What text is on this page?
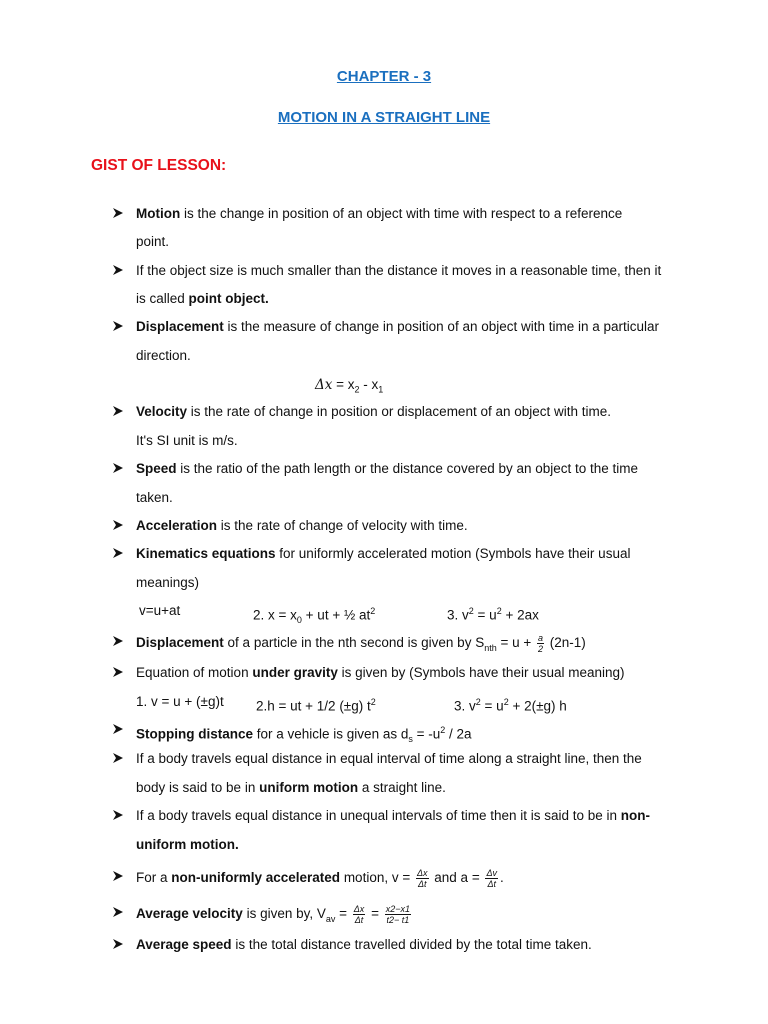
CHAPTER - 3
MOTION IN A STRAIGHT LINE
GIST OF LESSON:
Motion is the change in position of an object with time with respect to a reference
point.
If the object size is much smaller than the distance it moves in a reasonable time, then it
is called point object.
Displacement is the measure of change in position of an object with time in a particular
direction.
$\Delta x = x_2 - x_1$
Velocity is the rate of change in position or displacement of an object with time.
It's SI unit is m/s.
Speed is the ratio of the path length or the distance covered by an object to the time
taken.
Acceleration is the rate of change of velocity with time.
Kinematics equations for uniformly accelerated motion (Symbols have their usual
meanings)
v=u+at	2. $x = x_0$ + ut + ½ $at^2$	3. $v^2 = u^2 + 2ax$
Displacement of a particle in the nth second is given by $S_{nth} = u + \frac{a}{2} (2n-1)$
Equation of motion under gravity is given by (Symbols have their usual meaning)
1. v = u + (±g)t 2.h = ut + 1/2 (±g) $t^2$	3. $v^2 = u^2 + 2(\pm g)$ h
Stopping distance for a vehicle is given as $d_s = -u^2 / 2a$
If a body travels equal distance in equal interval of time along a straight line, then the
body is said to be in uniform motion a straight line.
If a body travels equal distance in unequal intervals of time then it is said to be in non-
uniform motion.
For a non-uniformly accelerated motion, $v = \frac{\Delta x}{\Delta t}$ and $a = \frac{\Delta v}{\Delta t}$ .
Average velocity is given by, $V_{av} = \frac{\Delta x}{\Delta t} = \frac{x2-x1}{t2- t1}$
Average speed is the total distance travelled divided by the total time taken.
